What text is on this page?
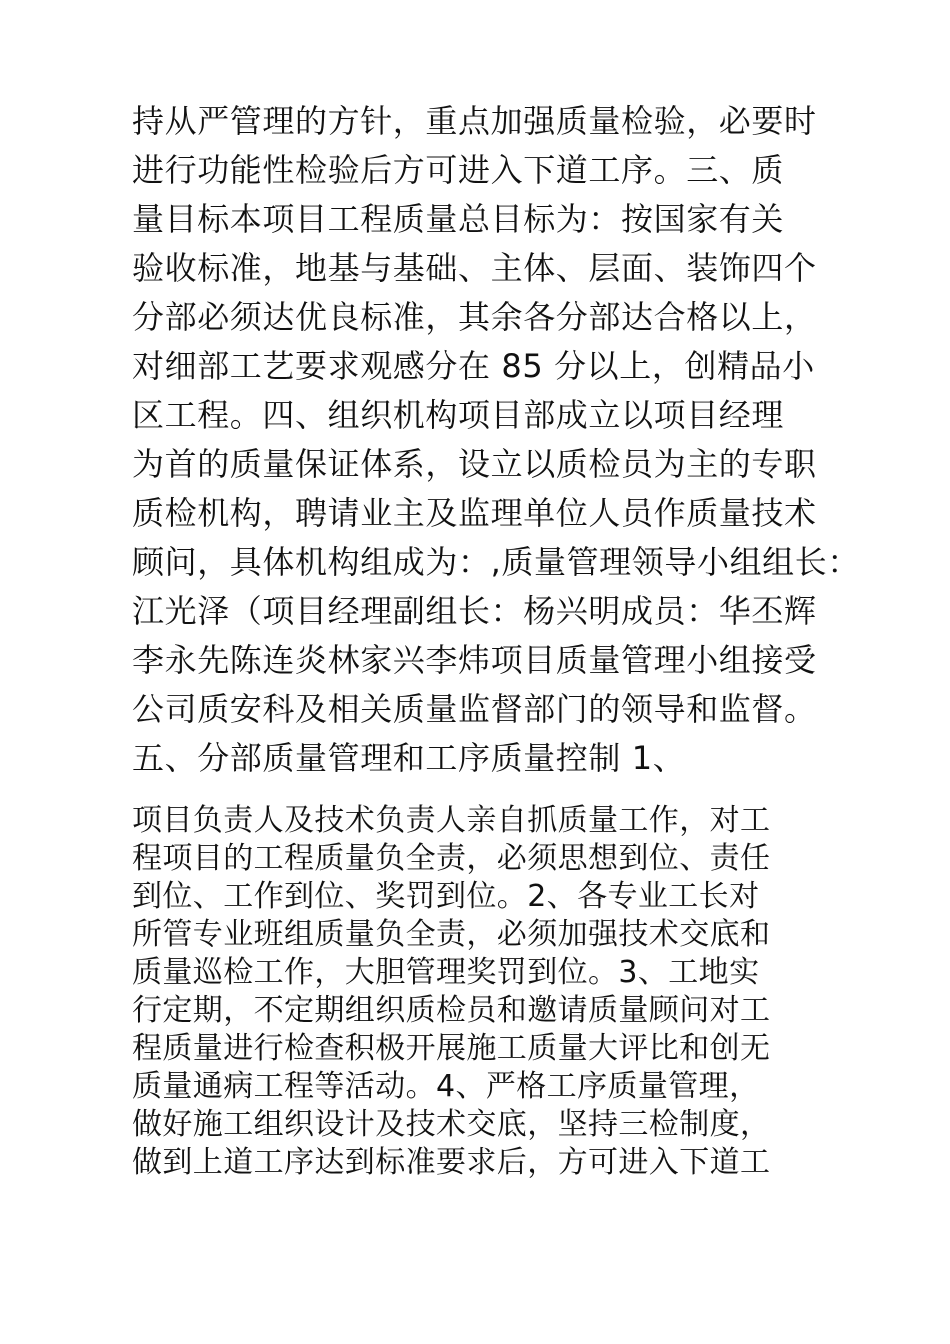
持从严管理的方针，重点加强质量检验，必要时

进行功能性检验后方可进入下道工序。三、质

量目标本项目工程质量总目标为：按国家有关

验收标准，地基与基础、主体、层面、装饰四个

分部必须达优良标准，其余各分部达合格以上，

对细部工艺要求观感分在 85 分以上，创精品小

区工程。四、组织机构项目部成立以项目经理

为首的质量保证体系，设立以质检员为主的专职

质检机构，聘请业主及监理单位人员作质量技术

顾问，具体机构组成为：,质量管理领导小组组长：

江光泽（项目经理副组长：杨兴明成员：华丕辉

李永先陈连炎林家兴李炜项目质量管理小组接受

公司质安科及相关质量监督部门的领导和监督。

五、分部质量管理和工序质量控制 1、

项目负责人及技术负责人亲自抓质量工作，对工

程项目的工程质量负全责，必须思想到位、责任

到位、工作到位、奖罚到位。2、各专业工长对

所管专业班组质量负全责，必须加强技术交底和

质量巡检工作，大胆管理奖罚到位。3、工地实

行定期，不定期组织质检员和邀请质量顾问对工

程质量进行检查积极开展施工质量大评比和创无

质量通病工程等活动。4、严格工序质量管理，

做好施工组织设计及技术交底，坚持三检制度，

做到上道工序达到标准要求后，方可进入下道工
